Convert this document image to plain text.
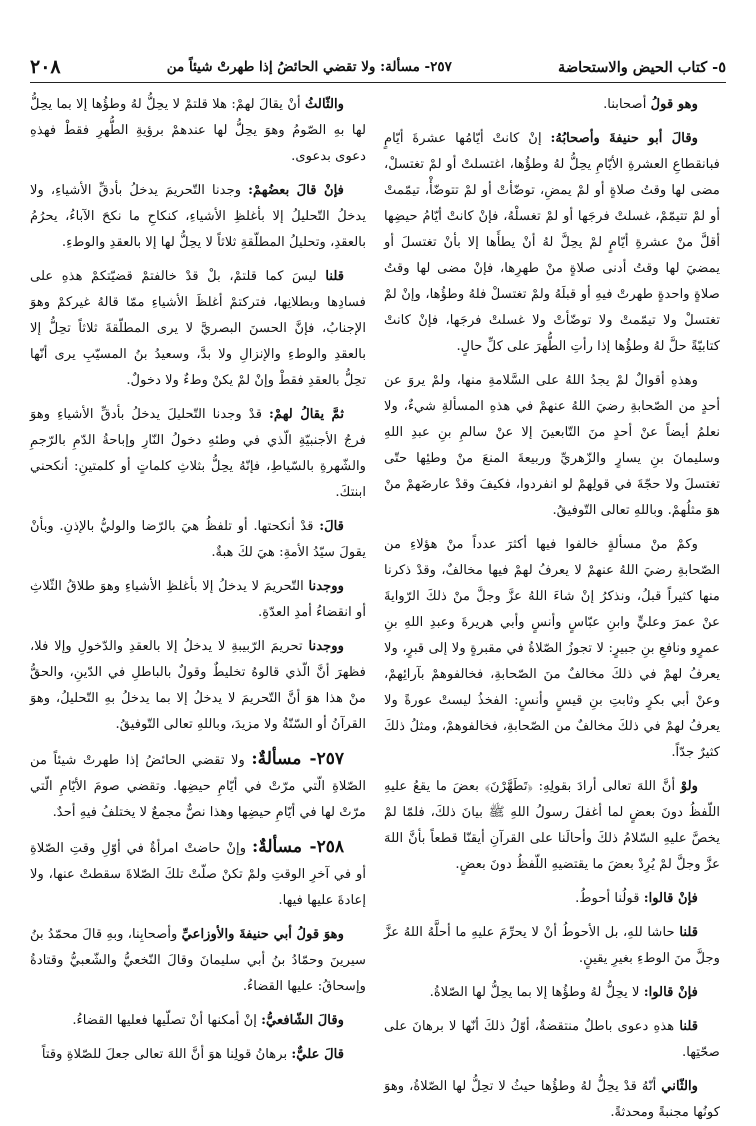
٥- كتاب الحيض والاستحاضة
٢٥٧- مسألة: ولا تقضي الحائضُ إذا طهرتْ شيئاً من
٢٠٨

وهو قولُ أصحابنا.

وقالَ أبو حنيفةَ وأصحابُهُ: إنْ كانتْ أيّامُها عشرةَ أيّامٍ فبانقطاعِ العشرةِ الأيّامِ يحِلُّ لهُ وطؤُها، اغتسلتْ أو لمْ تغتسلْ، مضى لها وقتُ صلاةٍ أو لمْ يمضِ، توضّأتْ أو لمْ تتوضّأْ، تيمّمتْ أو لمْ تتيمّمْ، غسلتْ فرجَها أو لمْ تغسلْهُ، فإنْ كانتْ أيّامُ حيضِها أقلَّ منْ عشرةِ أيّامٍ لمْ يحِلَّ لهُ أنْ يطأَها إلا بأنْ تغتسلَ أو يمضيَ لها وقتُ أدنى صلاةٍ منْ طهرِها، فإنْ مضى لها وقتُ صلاةٍ واحدةٍ طهرتْ فيهِ أو قبلَهُ ولمْ تغتسلْ فلهُ وطؤُها، وإنْ لمْ تغتسلْ ولا تيمّمتْ ولا توضّأتْ ولا غسلتْ فرجَها، فإنْ كانتْ كتابيّةً حلَّ لهُ وطؤُها إذا رأتِ الطُّهرَ على كلِّ حالٍ.

وهذهِ أقوالٌ لمْ يجدُ اللهُ على السَّلامةِ منها، ولمْ يروَ عن أحدٍ من الصّحابةِ رضيَ اللهُ عنهمْ في هذهِ المسألةِ شيءٌ، ولا نعلمُ أيضاً عنْ أحدٍ منَ التّابعينَ إلا عنْ سالمِ بنِ عبدِ اللهِ وسليمانَ بنِ يسارٍ والزّهريِّ وربيعةَ المنعَ منْ وطئِها حتّى تغتسلَ ولا حجّةَ في قولِهمْ لو انفردوا، فكيفَ وقدْ عارضَهمْ منْ هوَ مثلُهمْ. وباللهِ تعالى التّوفيقُ.

وكمْ منْ مسألةٍ خالفوا فيها أكثرَ عدداً منْ هؤلاءِ من الصّحابةِ رضيَ اللهُ عنهمْ لا يعرفُ لهمْ فيها مخالفٌ، وقدْ ذكرنا منها كثيراً قبلُ، ونذكرُ إنْ شاءَ اللهُ عزَّ وجلَّ منْ ذلكَ الرّوايةَ عنْ عمرَ وعليٍّ وابنِ عبّاسٍ وأنسٍ وأبي هريرةَ وعبدِ اللهِ بنِ عمرٍو ونافعِ بنِ جبيرٍ: لا تجوزُ الصّلاةُ في مقبرةٍ ولا إلى قبرٍ، ولا يعرفُ لهمْ في ذلكَ مخالفٌ منَ الصّحابةِ، فخالفوهمْ بآرائِهمْ، وعنْ أبي بكرٍ وثابتِ بنِ قيسٍ وأنسٍ: الفخذُ ليستْ عورةً ولا يعرفُ لهمْ في ذلكَ مخالفٌ من الصّحابةِ، فخالفوهمْ، ومثلُ ذلكَ كثيرٌ جدّاً.

ولوْ أنَّ اللهَ تعالى أرادَ بقولِهِ: ﴿تَطَهَّرْنَ﴾ بعضَ ما يقعُ عليهِ اللّفظُ دونَ بعضٍ لما أغفلَ رسولُ اللهِ ﷺ بيانَ ذلكَ، فلمّا لمْ يخصَّ عليهِ السّلامُ ذلكَ وأحالَنا على القرآنِ أيقنّا قطعاً بأنَّ اللهَ عزَّ وجلَّ لمْ يُرِدْ بعضَ ما يقتضيهِ اللّفظُ دونَ بعضٍ.

فإنْ قالوا: قولُنا أحوطُ.

قلنا حاشا للهِ، بل الأحوطُ أنْ لا يحرِّمَ عليهِ ما أحلَّهُ اللهُ عزَّ وجلَّ منَ الوطءِ بغيرِ يقينٍ.

فإنْ قالوا: لا يحِلُّ لهُ وطؤُها إلا بما يحِلُّ لها الصّلاةُ.

قلنا هذهِ دعوى باطلٌ منتقضةٌ، أوّلُ ذلكَ أنّها لا برهانَ على صحّتِها.

والثّاني أنّهُ قدْ يحِلُّ لهُ وطؤُها حيثُ لا تحِلُّ لها الصّلاةُ، وهوَ كونُها مجنبةً ومحدثةً.

والثّالثُ أنْ يقالَ لهمْ: هلا قلتمْ لا يحِلُّ لهُ وطؤُها إلا بما يحِلُّ لها بهِ الصّومُ وهوَ يحِلُّ لها عندهمْ برؤيةِ الطُّهرِ فقطْ فهذهِ دعوى بدعوى.

فإنْ قالَ بعضُهمْ: وجدنا التّحريمَ يدخلُ بأدقِّ الأشياءِ، ولا يدخلُ التّحليلُ إلا بأغلظِ الأشياءِ، كنكاحِ ما نكحَ الآباءُ، يحرُمُ بالعقدِ، وتحليلُ المطلّقةِ ثلاثاً لا يحِلُّ لها إلا بالعقدِ والوطءِ.

قلنا ليسَ كما قلتمْ، بلْ قدْ خالفتمْ قضيّتكمْ هذهِ على فسادِها وبطلانِها، فتركتمْ أغلظَ الأشياءِ ممّا قالهُ غيركمْ وهوَ الإجنابُ، فإنَّ الحسنَ البصريَّ لا يرى المطلّقةَ ثلاثاً تحِلُّ إلا بالعقدِ والوطءِ والإنزالِ ولا بدَّ، وسعيدُ بنُ المسيّبِ يرى أنّها تحِلُّ بالعقدِ فقطْ وإنْ لمْ يكنْ وطءٌ ولا دخولٌ.

ثمَّ يقالُ لهمْ: قدْ وجدنا التّحليلَ يدخلُ بأدقِّ الأشياءِ وهوَ فرجُ الأجنبيّةِ الّذي في وطئهِ دخولُ النّارِ وإباحةُ الدّمِ بالرّجمِ والشّهرةِ بالسّياطِ، فإنّهُ يحِلُّ بثلاثِ كلماتٍ أو كلمتينِ: أنكحني ابنتكَ.

قالَ: قدْ أنكحتها. أو تلفظُ هيَ بالرّضا والوليُّ بالإذنِ. وبأنْ يقولَ سيّدُ الأمةِ: هيَ لكَ هبةٌ.

ووجدنا التّحريمَ لا يدخلُ إلا بأغلظِ الأشياءِ وهوَ طلاقُ الثّلاثِ أو انقضاءُ أمدِ العدّةِ.

ووجدنا تحريمَ الرّبيبةِ لا يدخلُ إلا بالعقدِ والدّخولِ وإلا فلا، فظهرَ أنَّ الّذي قالوهُ تخليطٌ وقولٌ بالباطلِ في الدّينِ، والحقُّ منْ هذا هوَ أنَّ التّحريمَ لا يدخلُ إلا بما يدخلُ بهِ التّحليلُ، وهوَ القرآنُ أو السّنّةُ ولا مزيدَ، وباللهِ تعالى التّوفيقُ.

٢٥٧- مسألةٌ: ولا تقضي الحائضُ إذا طهرتْ شيئاً من الصّلاةِ الّتي مرّتْ في أيّامِ حيضِها. وتقضي صومَ الأيّامِ الّتي مرّتْ لها في أيّامِ حيضِها وهذا نصٌّ مجمعٌ لا يختلفُ فيهِ أحدٌ.

٢٥٨- مسألةٌ: وإنْ حاضتْ امرأةٌ في أوّلِ وقتِ الصّلاةِ أو في آخرِ الوقتِ ولمْ تكنْ صلّتْ تلكَ الصّلاةَ سقطتْ عنها، ولا إعادةَ عليها فيها.

وهوَ قولُ أبي حنيفةَ والأوزاعيِّ وأصحابِنا، وبهِ قالَ محمّدُ بنُ سيرينَ وحمّادُ بنُ أبي سليمانَ وقالَ النّخعيُّ والشّعبيُّ وقتادةُ وإسحاقُ: عليها القضاءُ.

وقالَ الشّافعيُّ: إنْ أمكنها أنْ تصلّيها فعليها القضاءُ.

قالَ عليٌّ: برهانُ قولِنا هوَ أنَّ اللهَ تعالى جعلَ للصّلاةِ وقتاً
